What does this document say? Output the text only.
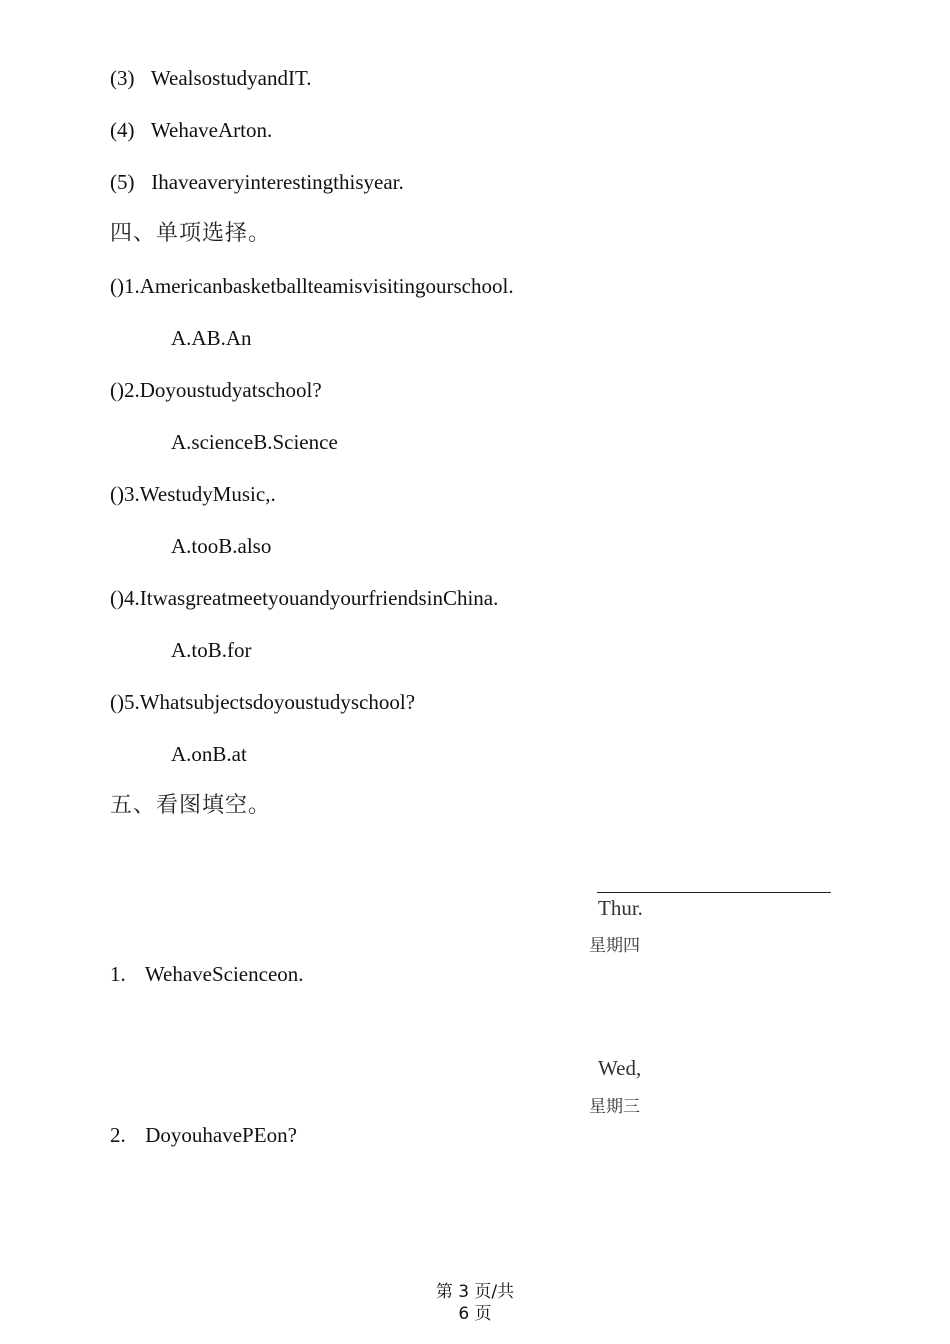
(3) WealsostudyandIT.
(4) WehaveArton.
(5) Ihaveaveryinterestingthisyear.
四、单项选择。
()1.Americanbasketballteamisvisitingourschool.
A.AB.An
()2.Doyoustudyatschool?
A.scienceB.Science
()3.WestudyMusic,.
A.tooB.also
()4.ItwasgreatmeetyouandyourfriendsinChina.
A.toB.for
()5.Whatsubjectsdoyoustudyschool?
A.onB.at
五、看图填空。
Thur.
星期四
1. WehaveScienceon.
Wed,
星期三
2. DoyouhavePEon?
第 3 页/共
6 页
